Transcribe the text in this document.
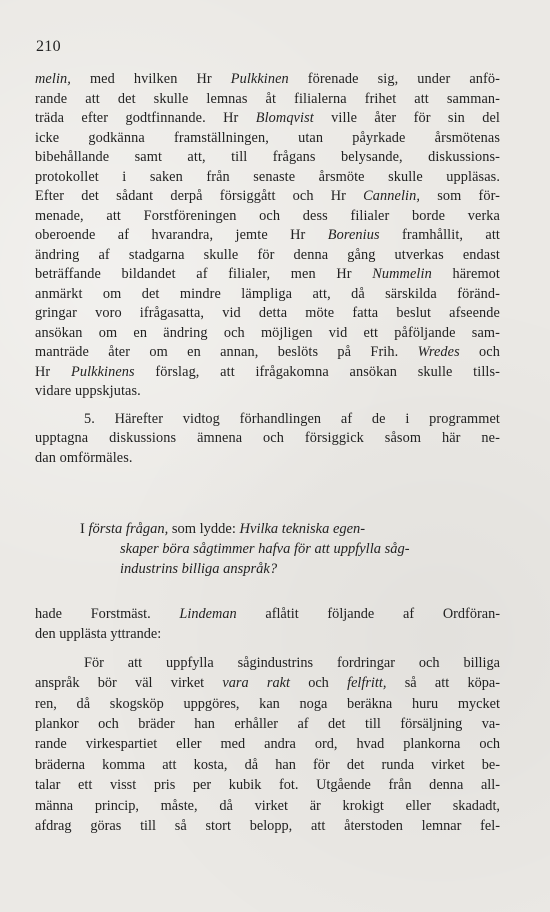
210
melin, med hvilken Hr Pulkkinen förenade sig, under anfö-
rande att det skulle lemnas åt filialerna frihet att samman-
träda efter godtfinnande. Hr Blomqvist ville åter för sin del
icke godkänna framställningen, utan påyrkade årsmötenas
bibehållande samt att, till frågans belysande, diskussions-
protokollet i saken från senaste årsmöte skulle uppläsas.
Efter det sådant derpå försiggått och Hr Cannelin, som för-
menade, att Forstföreningen och dess filialer borde verka
oberoende af hvarandra, jemte Hr Borenius framhållit, att
ändring af stadgarna skulle för denna gång utverkas endast
beträffande bildandet af filialer, men Hr Nummelin häremot
anmärkt om det mindre lämpliga att, då särskilda föränd-
gringar voro ifrågasatta, vid detta möte fatta beslut afseende
ansökan om en ändring och möjligen vid ett påföljande sam-
manträde åter om en annan, beslöts på Frih. Wredes och
Hr Pulkkinens förslag, att ifrågakomna ansökan skulle tills-
vidare uppskjutas.
5. Härefter vidtog förhandlingen af de i programmet
upptagna diskussions ämnena och försiggick såsom här ne-
dan omförmäles.
I första frågan, som lydde: Hvilka tekniska egen-
skaper böra sågtimmer hafva för att uppfylla såg-
industrins billiga anspråk?
hade Forstmäst. Lindeman aflåtit följande af Ordföran-
den upplästa yttrande:
För att uppfylla sågindustrins fordringar och billiga
anspråk bör väl virket vara rakt och felfritt, så att köpa-
ren, då skogsköp uppgöres, kan noga beräkna huru mycket
plankor och bräder han erhåller af det till försäljning va-
rande virkespartiet eller med andra ord, hvad plankorna och
bräderna komma att kosta, då han för det runda virket be-
talar ett visst pris per kubik fot. Utgående från denna all-
männa princip, måste, då virket är krokigt eller skadadt,
afdrag göras till så stort belopp, att återstoden lemnar fel-
